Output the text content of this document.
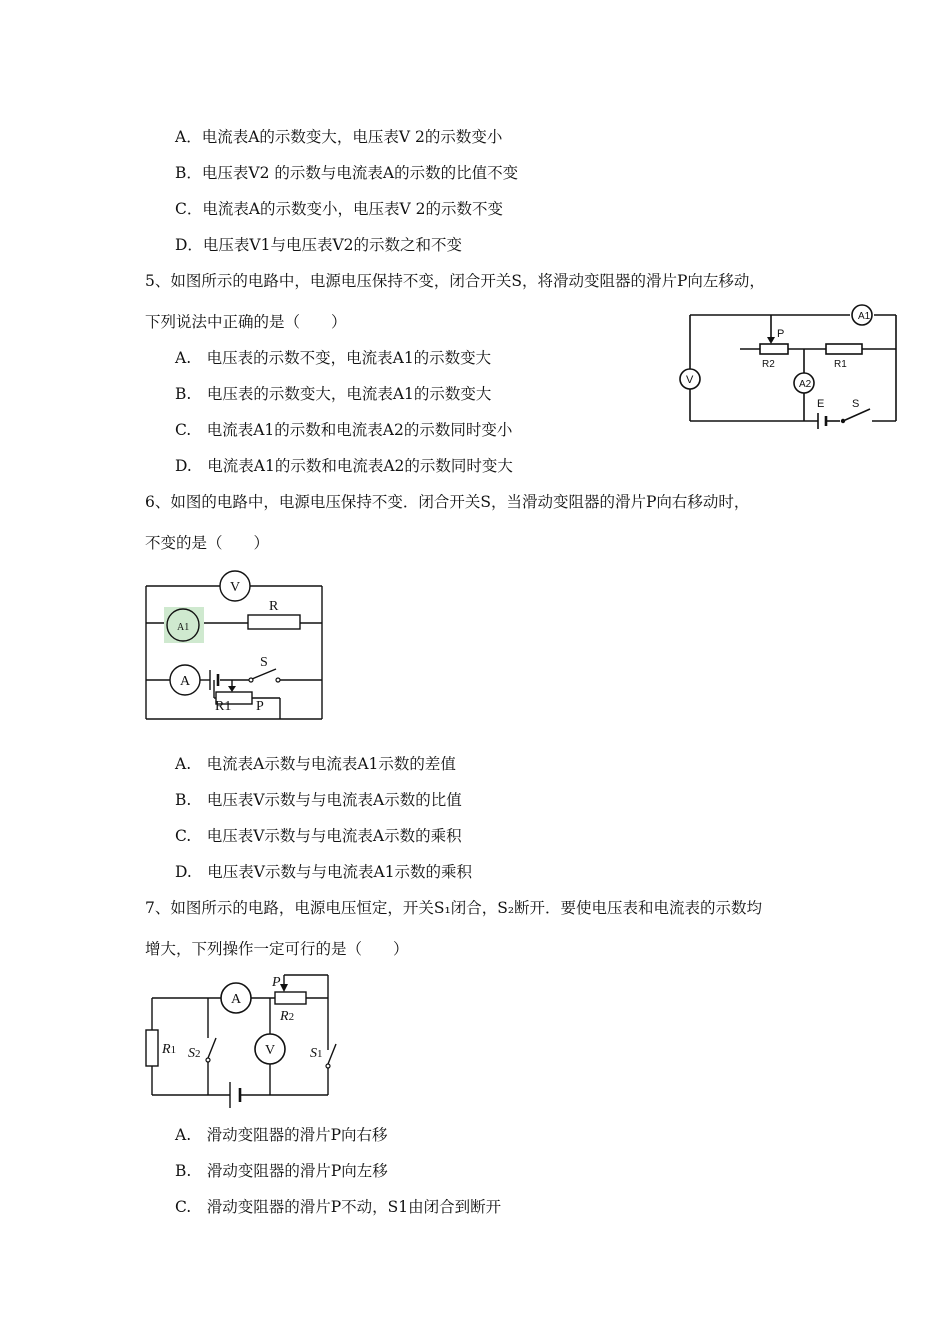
A．电流表A的示数变大，电压表V 2的示数变小
B．电压表V2 的示数与电流表A的示数的比值不变
C．电流表A的示数变小，电压表V 2的示数不变
D．电压表V1与电压表V2的示数之和不变
5、如图所示的电路中，电源电压保持不变，闭合开关S，将滑动变阻器的滑片P向左移动，
下列说法中正确的是（　　）
A.　电压表的示数不变，电流表A1的示数变大
B.　电压表的示数变大，电流表A1的示数变大
C.　电流表A1的示数和电流表A2的示数同时变小
D.　电流表A1的示数和电流表A2的示数同时变大
A1
V	A2
P
R2	R1
E	S
6、如图的电路中，电源电压保持不变．闭合开关S，当滑动变阻器的滑片P向右移动时，
不变的是（　　）
V
A1
R
A
S
R1 P
A.　电流表A示数与电流表A1示数的差值
B.　电压表V示数与与电流表A示数的比值
C.　电压表V示数与与电流表A示数的乘积
D.　电压表V示数与与电流表A1示数的乘积
7、如图所示的电路，电源电压恒定，开关S₁闭合，S₂断开．要使电压表和电流表的示数均
增大，下列操作一定可行的是（　　）
R1
A
P
R2
S2	V S1
A.　滑动变阻器的滑片P向右移
B.　滑动变阻器的滑片P向左移
C.　滑动变阻器的滑片P不动，S1由闭合到断开
